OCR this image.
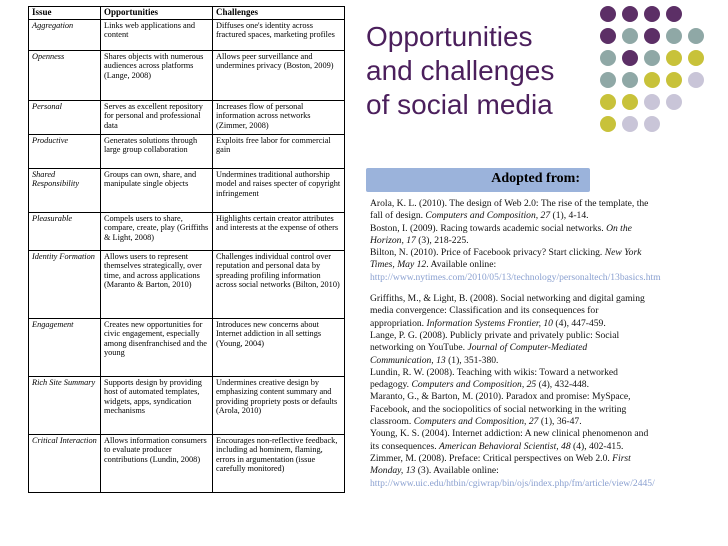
Issue	Opportunities	Challenges
Aggregation	Links web applications and content	Diffuses one's identity across fractured spaces, marketing profiles
Openness	Shares objects with numerous audiences across platforms (Lange, 2008)	Allows peer surveillance and undermines privacy (Boston, 2009)
Personal	Serves as excellent repository for personal and professional data	Increases flow of personal information across networks (Zimmer, 2008)
Productive	Generates solutions through large group collaboration	Exploits free labor for commercial gain
Shared Responsibility	Groups can own, share, and manipulate single objects	Undermines traditional authorship model and raises specter of copyright infringement
Pleasurable	Compels users to share, compare, create, play (Griffiths & Light, 2008)	Highlights certain creator attributes and interests at the expense of others
Identity Formation	Allows users to represent themselves strategically, over time, and across applications (Maranto & Barton, 2010)	Challenges individual control over reputation and personal data by spreading profiling information across social networks (Bilton, 2010)
Engagement	Creates new opportunities for civic engagement, especially among disenfranchised and the young	Introduces new concerns about Internet addiction in all settings (Young, 2004)
Rich Site Summary	Supports design by providing host of automated templates, widgets, apps, syndication mechanisms	Undermines creative design by emphasizing content summary and providing propriety posts or defaults (Arola, 2010)
Critical Interaction	Allows information consumers to evaluate producer contributions (Lundin, 2008)	Encourages non-reflective feedback, including ad hominem, flaming, errors in argumentation (issue carefully monitored)
Opportunities
and challenges
of social media
Adopted from:

Arola, K. L. (2010). The design of Web 2.0: The rise of the template, the

fall of design. Computers and Composition, 27 (1), 4-14.

Boston, I. (2009). Racing towards academic social networks. On the

Horizon, 17 (3), 218-225.

Bilton, N. (2010). Price of Facebook privacy? Start clicking. New York

Times, May 12. Available online:

http://www.nytimes.com/2010/05/13/technology/personaltech/13basics.htm

Griffiths, M., & Light, B. (2008). Social networking and digital gaming

media convergence: Classification and its consequences for

appropriation. Information Systems Frontier, 10 (4), 447-459.

Lange, P. G. (2008). Publicly private and privately public: Social

networking on YouTube. Journal of Computer-Mediated

Communication, 13 (1), 351-380.

Lundin, R. W. (2008). Teaching with wikis: Toward a networked

pedagogy. Computers and Composition, 25 (4), 432-448.

Maranto, G., & Barton, M. (2010). Paradox and promise: MySpace,

Facebook, and the sociopolitics of social networking in the writing

classroom. Computers and Composition, 27 (1), 36-47.

Young, K. S. (2004). Internet addiction: A new clinical phenomenon and

its consequences. American Behavioral Scientist, 48 (4), 402-415.

Zimmer, M. (2008). Preface: Critical perspectives on Web 2.0. First

Monday, 13 (3). Available online:

http://www.uic.edu/htbin/cgiwrap/bin/ojs/index.php/fm/article/view/2445/
